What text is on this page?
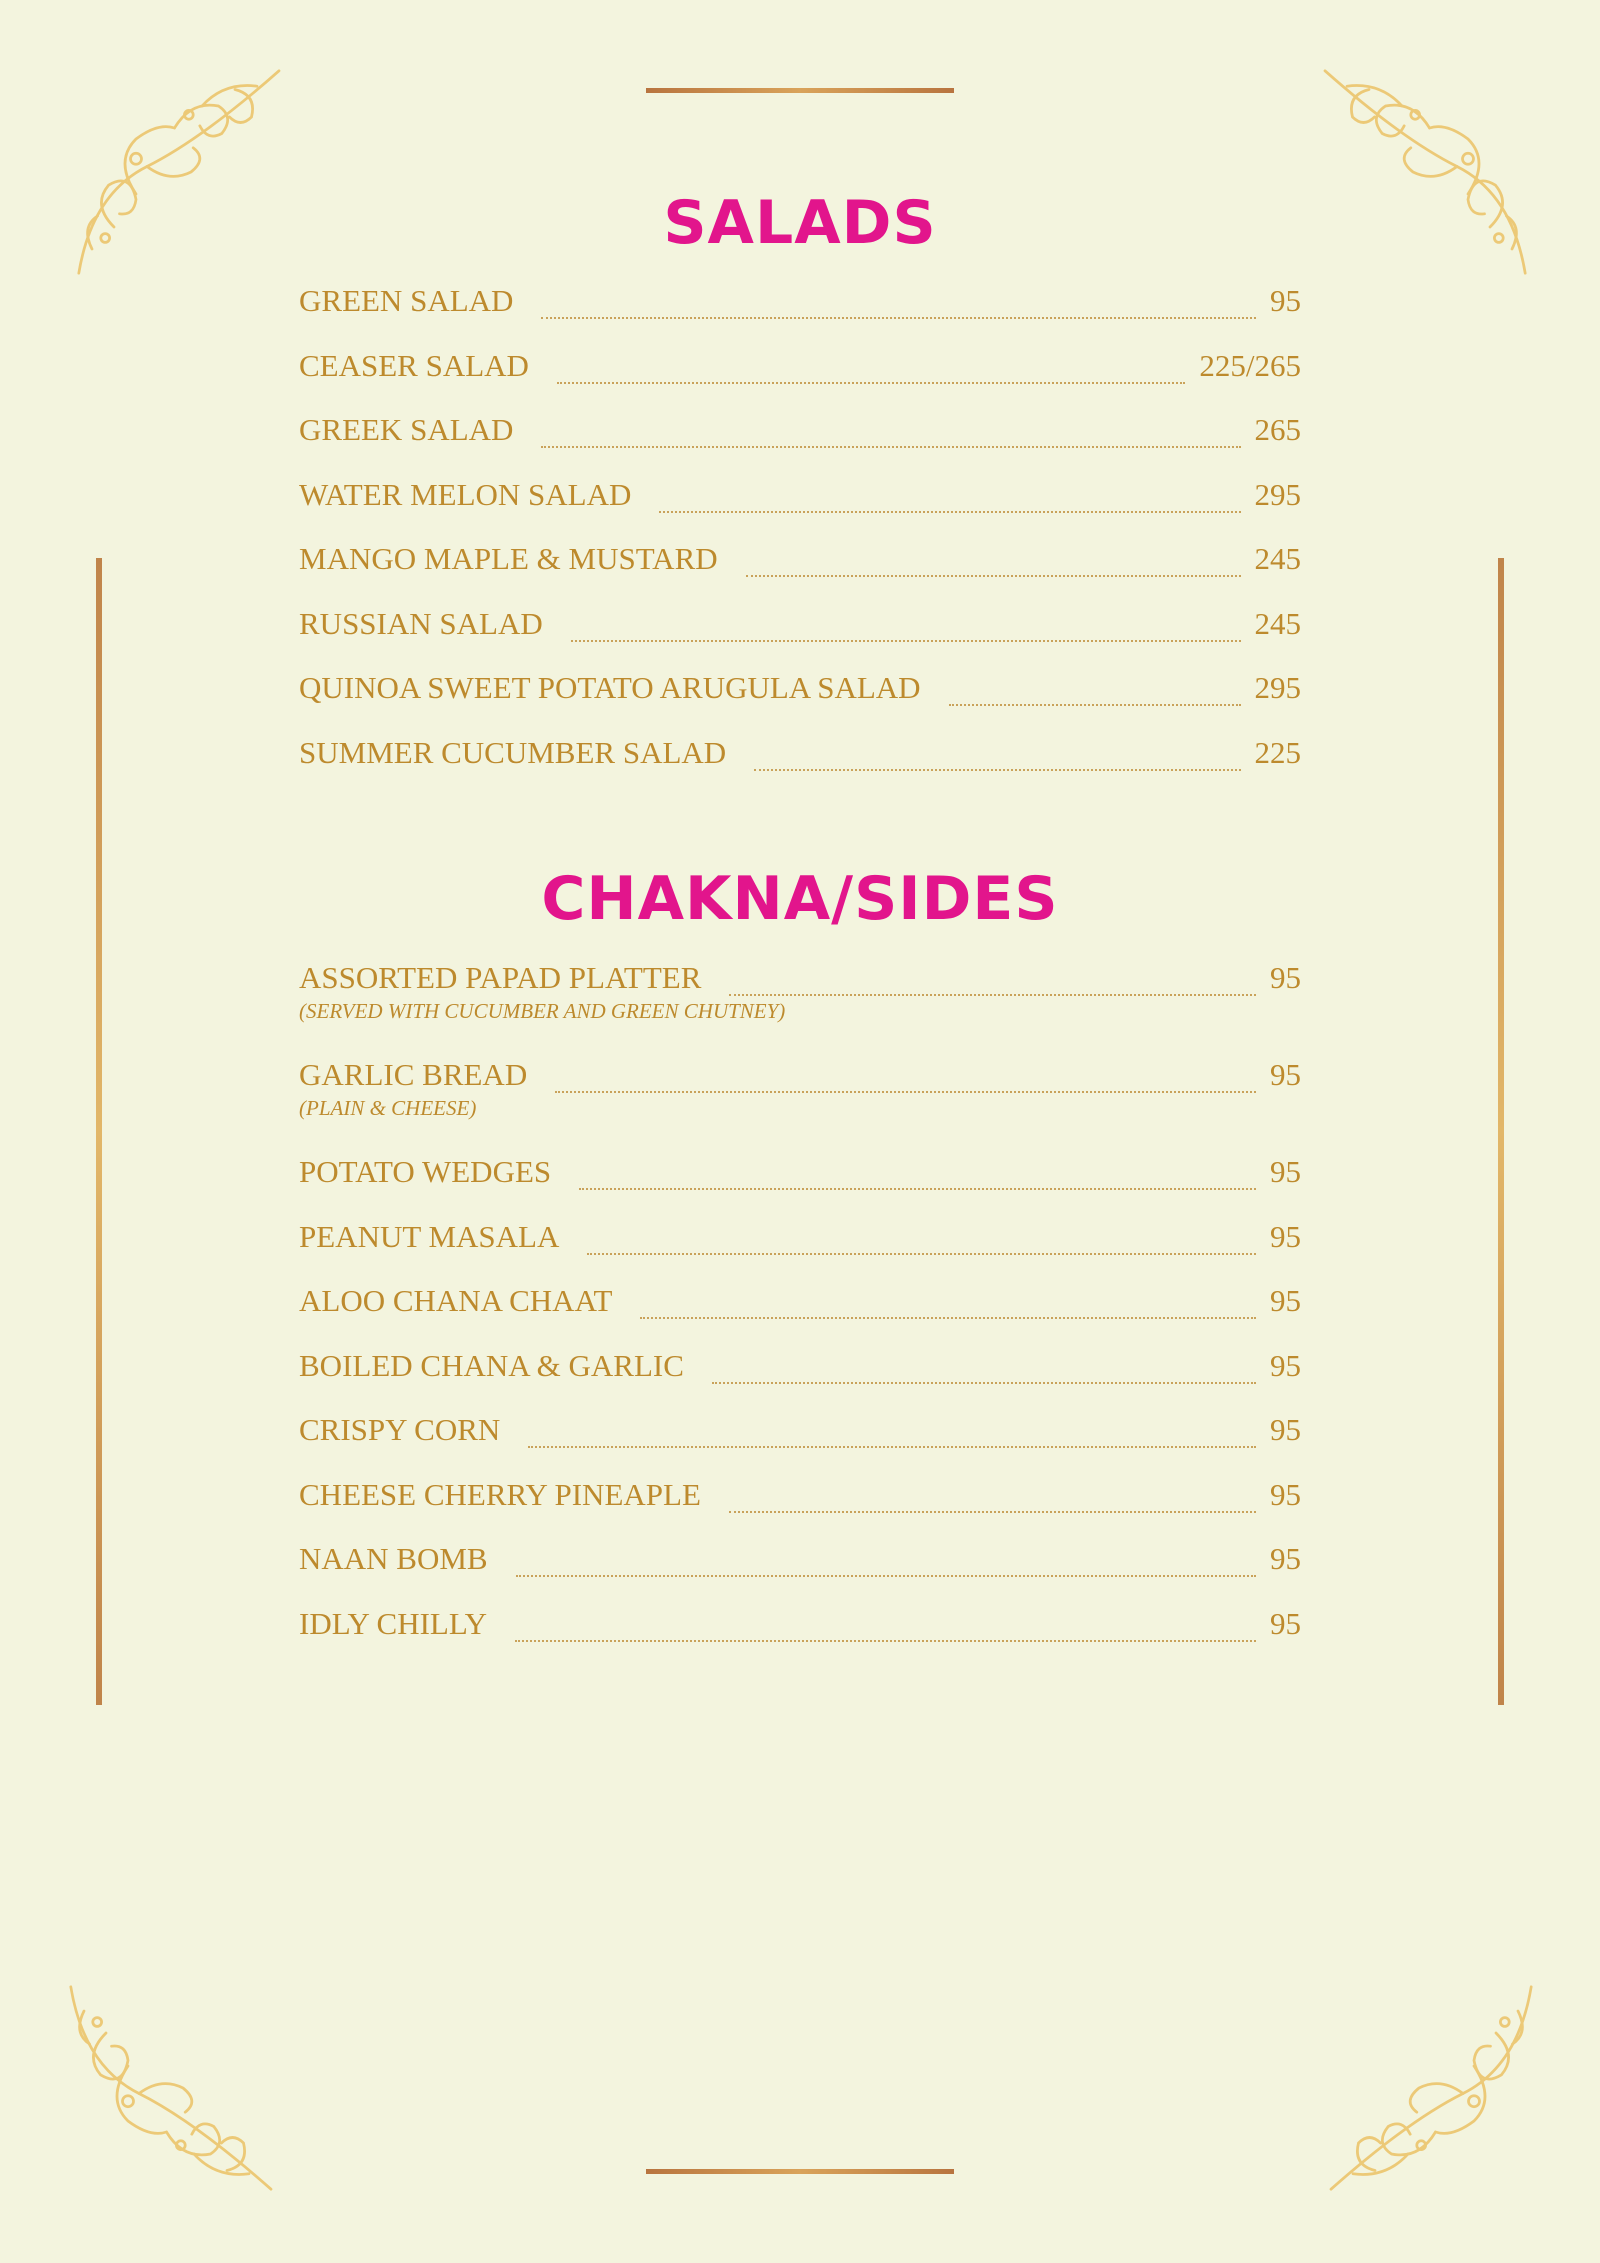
SALADS
GREEN SALAD	95
CEASER SALAD	225/265
GREEK SALAD	265
WATER MELON SALAD	295
MANGO MAPLE & MUSTARD	245
RUSSIAN SALAD	245
QUINOA SWEET POTATO ARUGULA SALAD	295
SUMMER CUCUMBER SALAD	225
CHAKNA/SIDES
ASSORTED PAPAD PLATTER	95
(SERVED WITH CUCUMBER AND GREEN CHUTNEY)
GARLIC BREAD	95
(PLAIN & CHEESE)
POTATO WEDGES	95
PEANUT MASALA	95
ALOO CHANA CHAAT	95
BOILED CHANA & GARLIC	95
CRISPY CORN	95
CHEESE CHERRY PINEAPLE	95
NAAN BOMB	95
IDLY CHILLY	95
